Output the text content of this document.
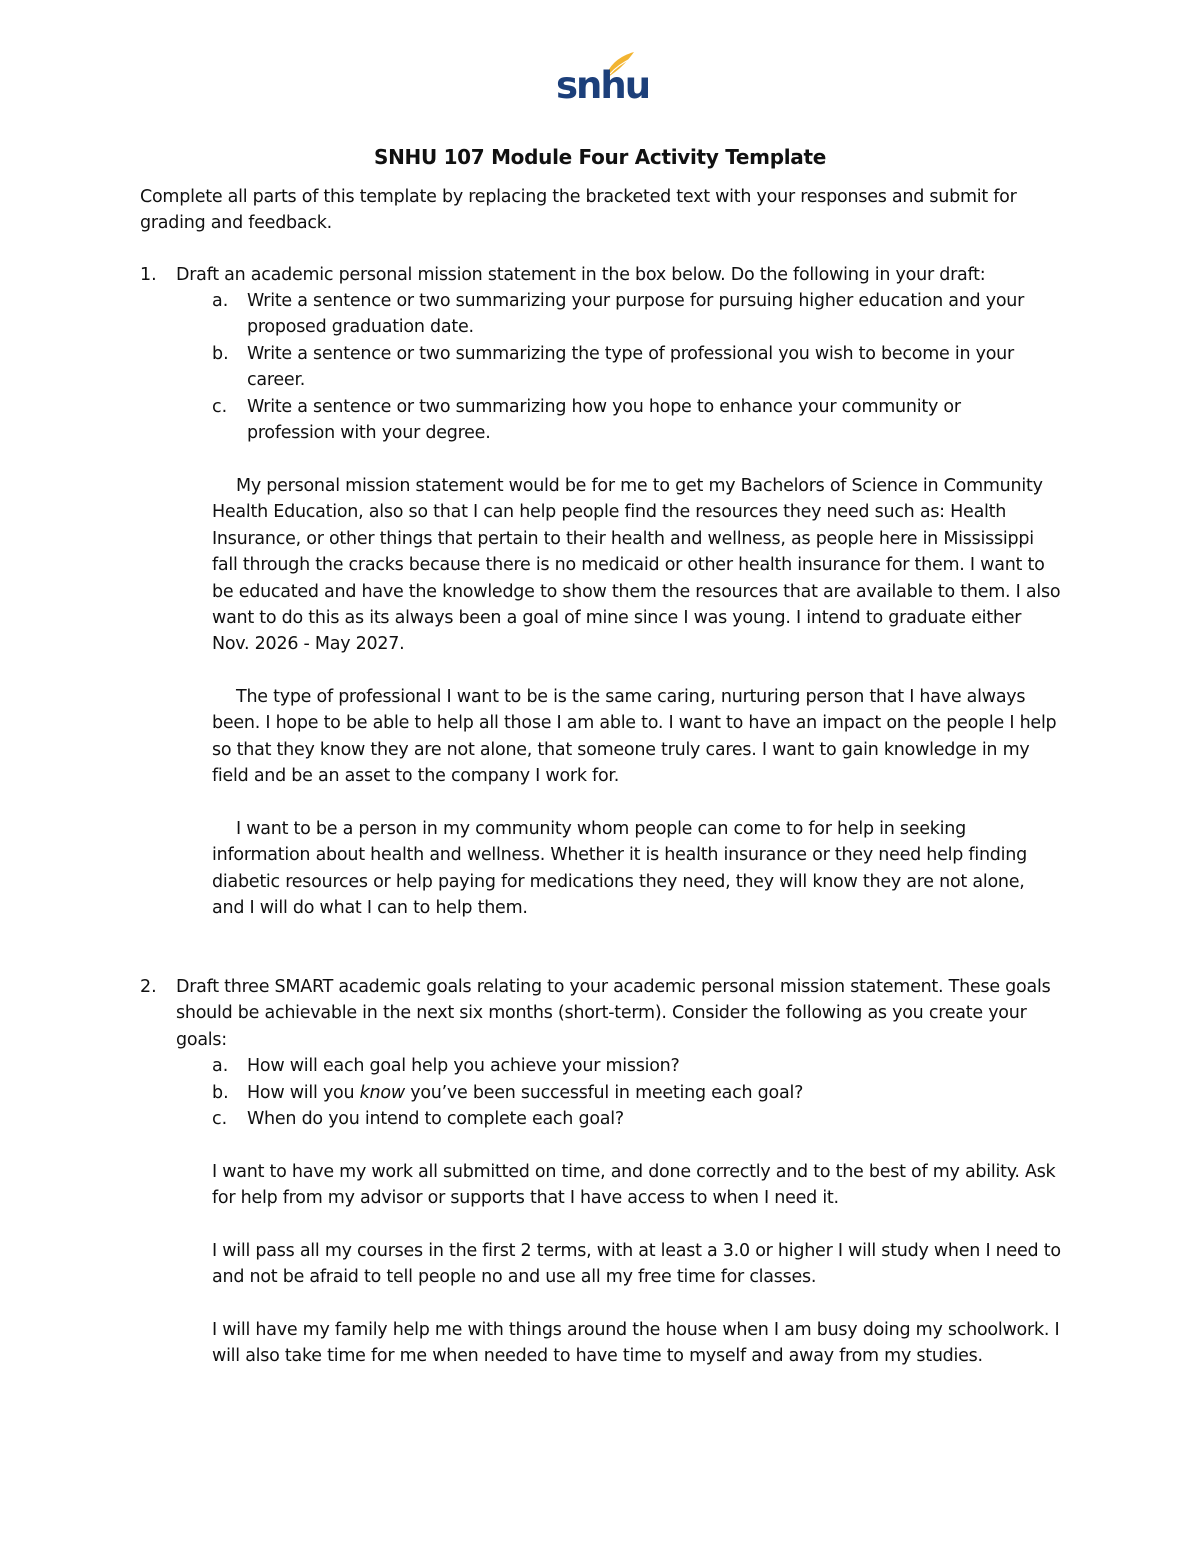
snhu
SNHU 107 Module Four Activity Template

Complete all parts of this template by replacing the bracketed text with your responses and submit for grading and feedback.

1. Draft an academic personal mission statement in the box below. Do the following in your draft:

a. Write a sentence or two summarizing your purpose for pursuing higher education and your proposed graduation date.

b. Write a sentence or two summarizing the type of professional you wish to become in your career.

c. Write a sentence or two summarizing how you hope to enhance your community or profession with your degree.

My personal mission statement would be for me to get my Bachelors of Science in Community Health Education, also so that I can help people find the resources they need such as: Health Insurance, or other things that pertain to their health and wellness, as people here in Mississippi fall through the cracks because there is no medicaid or other health insurance for them. I want to be educated and have the knowledge to show them the resources that are available to them. I also want to do this as its always been a goal of mine since I was young. I intend to graduate either Nov. 2026 - May 2027.

The type of professional I want to be is the same caring, nurturing person that I have always been. I hope to be able to help all those I am able to. I want to have an impact on the people I help so that they know they are not alone, that someone truly cares. I want to gain knowledge in my field and be an asset to the company I work for.

I want to be a person in my community whom people can come to for help in seeking information about health and wellness. Whether it is health insurance or they need help finding diabetic resources or help paying for medications they need, they will know they are not alone, and I will do what I can to help them.

2. Draft three SMART academic goals relating to your academic personal mission statement. These goals should be achievable in the next six months (short-term). Consider the following as you create your goals:

a. How will each goal help you achieve your mission?

b. How will you know you’ve been successful in meeting each goal?

c. When do you intend to complete each goal?

I want to have my work all submitted on time, and done correctly and to the best of my ability. Ask for help from my advisor or supports that I have access to when I need it.

I will pass all my courses in the first 2 terms, with at least a 3.0 or higher I will study when I need to and not be afraid to tell people no and use all my free time for classes.

I will have my family help me with things around the house when I am busy doing my schoolwork. I will also take time for me when needed to have time to myself and away from my studies.
